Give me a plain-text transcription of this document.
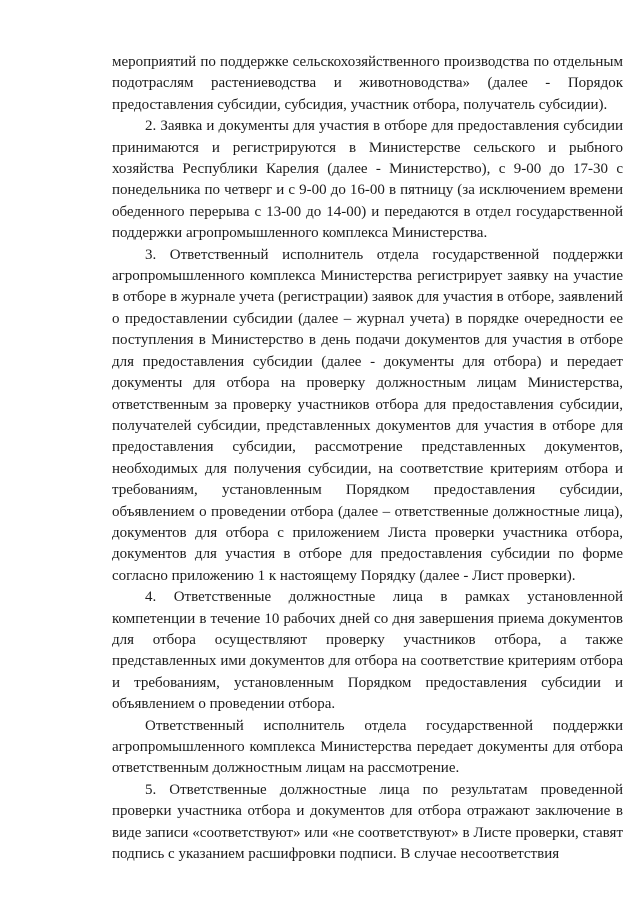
мероприятий по поддержке сельскохозяйственного производства по отдельным подотраслям растениеводства и животноводства» (далее - Порядок предоставления субсидии, субсидия, участник отбора, получатель субсидии).

2. Заявка и документы для участия в отборе для предоставления субсидии принимаются и регистрируются в Министерстве сельского и рыбного хозяйства Республики Карелия (далее - Министерство), с 9-00 до 17-30 с понедельника по четверг и с 9-00 до 16-00 в пятницу (за исключением времени обеденного перерыва с 13-00 до 14-00) и передаются в отдел государственной поддержки агропромышленного комплекса Министерства.

3. Ответственный исполнитель отдела государственной поддержки агропромышленного комплекса Министерства регистрирует заявку на участие в отборе в журнале учета (регистрации) заявок для участия в отборе, заявлений о предоставлении субсидии (далее – журнал учета) в порядке очередности ее поступления в Министерство в день подачи документов для участия в отборе для предоставления субсидии (далее - документы для отбора) и передает документы для отбора на проверку должностным лицам Министерства, ответственным за проверку участников отбора для предоставления субсидии, получателей субсидии, представленных документов для участия в отборе для предоставления субсидии, рассмотрение представленных документов, необходимых для получения субсидии, на соответствие критериям отбора и требованиям, установленным Порядком предоставления субсидии, объявлением о проведении отбора (далее – ответственные должностные лица), документов для отбора с приложением Листа проверки участника отбора, документов для участия в отборе для предоставления субсидии по форме согласно приложению 1 к настоящему Порядку (далее - Лист проверки).

4. Ответственные должностные лица в рамках установленной компетенции в течение 10 рабочих дней со дня завершения приема документов для отбора осуществляют проверку участников отбора, а также представленных ими документов для отбора на соответствие критериям отбора и требованиям, установленным Порядком предоставления субсидии и объявлением о проведении отбора.

Ответственный исполнитель отдела государственной поддержки агропромышленного комплекса Министерства передает документы для отбора ответственным должностным лицам на рассмотрение.

5. Ответственные должностные лица по результатам проведенной проверки участника отбора и документов для отбора отражают заключение в виде записи «соответствуют» или «не соответствуют» в Листе проверки, ставят подпись с указанием расшифровки подписи. В случае несоответствия
